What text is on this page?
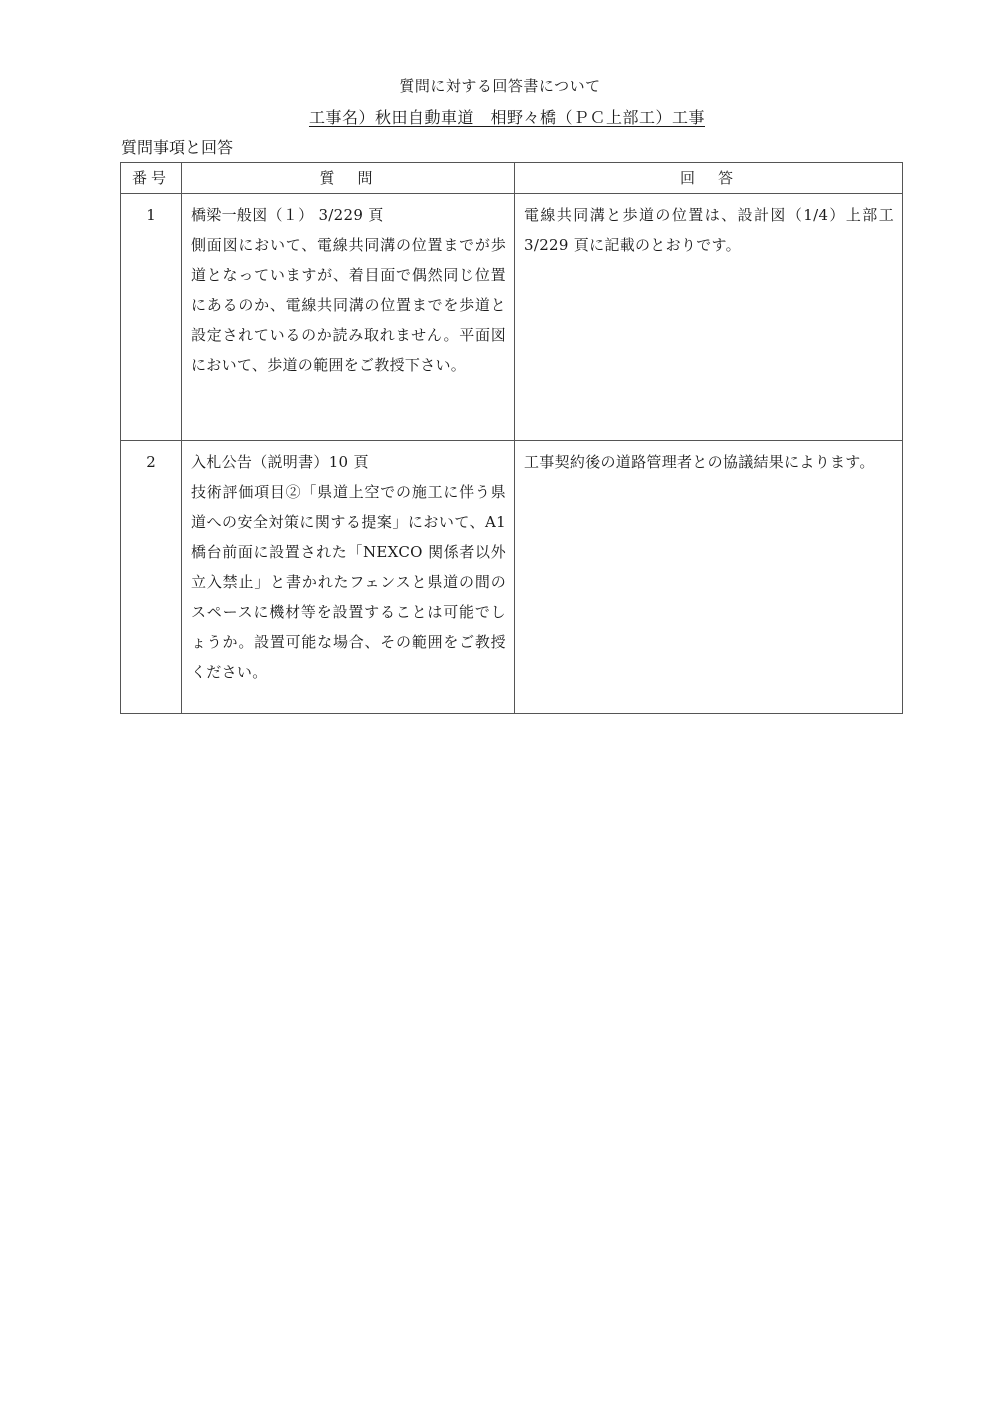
質問に対する回答書について
工事名）秋田自動車道　相野々橋（ＰＣ上部工）工事
質問事項と回答
番号	質　問	回　答
1	橋梁一般図（１） 3/229 頁
側面図において、電線共同溝の位置までが歩道となっていますが、着目面で偶然同じ位置にあるのか、電線共同溝の位置までを歩道と設定されているのか読み取れません。平面図において、歩道の範囲をご教授下さい。	電線共同溝と歩道の位置は、設計図（1/4）上部工 3/229 頁に記載のとおりです。
2	入札公告（説明書）10 頁
技術評価項目②「県道上空での施工に伴う県道への安全対策に関する提案」において、A1 橋台前面に設置された「NEXCO 関係者以外立入禁止」と書かれたフェンスと県道の間のスペースに機材等を設置することは可能でしょうか。設置可能な場合、その範囲をご教授ください。	工事契約後の道路管理者との協議結果によります。
